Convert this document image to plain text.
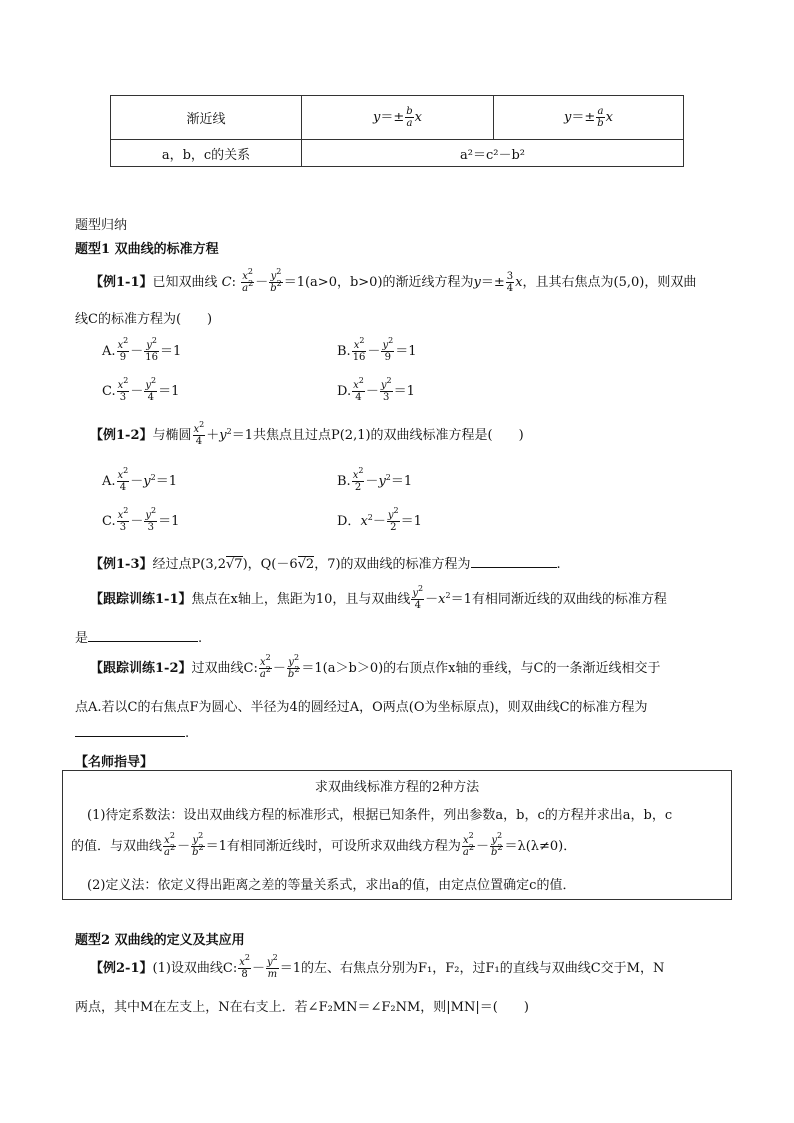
渐近线	$y=\pm \frac{b}{a}$ x	$y=\pm \frac{a}{b}$ x
a，b，c的关系	a²＝c²－b²	
题型归纳
题型1 双曲线的标准方程
【例1-1】已知双曲线 C: $\frac{x^2}{a^2} - \frac{y^2}{b^2} =1(a>0$，b>0)的渐近线方程为$y=\pm \frac{3}{4}$ x，且其右焦点为(5,0)，则双曲
线C的标准方程为(　　)
A. $\frac{x^2}{9} - \frac{y^2}{16} =1$	B. $\frac{x^2}{16} - \frac{y^2}{9} =1$
C. $\frac{x^2}{3} - \frac{y^2}{4} =1$	D. $\frac{x^2}{4} - \frac{y^2}{3} =1$
【例1-2】与椭圆 $\frac{x^2}{4} +y^2=1$共焦点且过点P(2,1)的双曲线标准方程是(　　)
A. $\frac{x^2}{4} -y^2=1$	B. $\frac{x^2}{2} -y^2=1$
C. $\frac{x^2}{3} - \frac{y^2}{3} =1$	D．$x^2- \frac{y^2}{2} =1$
【例1-3】经过点P(3,2√7)，Q(－6√2，7)的双曲线的标准方程为	.
【跟踪训练1-1】焦点在x轴上，焦距为10，且与双曲线 $\frac{y^2}{4} -x^2=1$有相同渐近线的双曲线的标准方程
是	.
【跟踪训练1-2】过双曲线C: $\frac{x^2}{a^2} - \frac{y^2}{b^2} =1(a>b>0)$的右顶点作x轴的垂线，与C的一条渐近线相交于
点A.若以C的右焦点F为圆心、半径为4的圆经过A，O两点(O为坐标原点)，则双曲线C的标准方程为
.
【名师指导】
求双曲线标准方程的2种方法
(1)待定系数法：设出双曲线方程的标准形式，根据已知条件，列出参数a，b，c的方程并求出a，b，c
的值．与双曲线 $\frac{x^2}{a^2} - \frac{y^2}{b^2} =1$有相同渐近线时，可设所求双曲线方程为 $\frac{x^2}{a^2} - \frac{y^2}{b^2} =\lambda(\lambda\ne 0)$．
(2)定义法：依定义得出距离之差的等量关系式，求出a的值，由定点位置确定c的值．
题型2 双曲线的定义及其应用
【例2-1】(1)设双曲线C: $\frac{x^2}{8} - \frac{y^2}{m} =1$的左、右焦点分别为F₁，F₂，过F₁的直线与双曲线C交于M，N
两点，其中M在左支上，N在右支上．若∠F₂MN＝∠F₂NM，则|MN|＝(　　)
